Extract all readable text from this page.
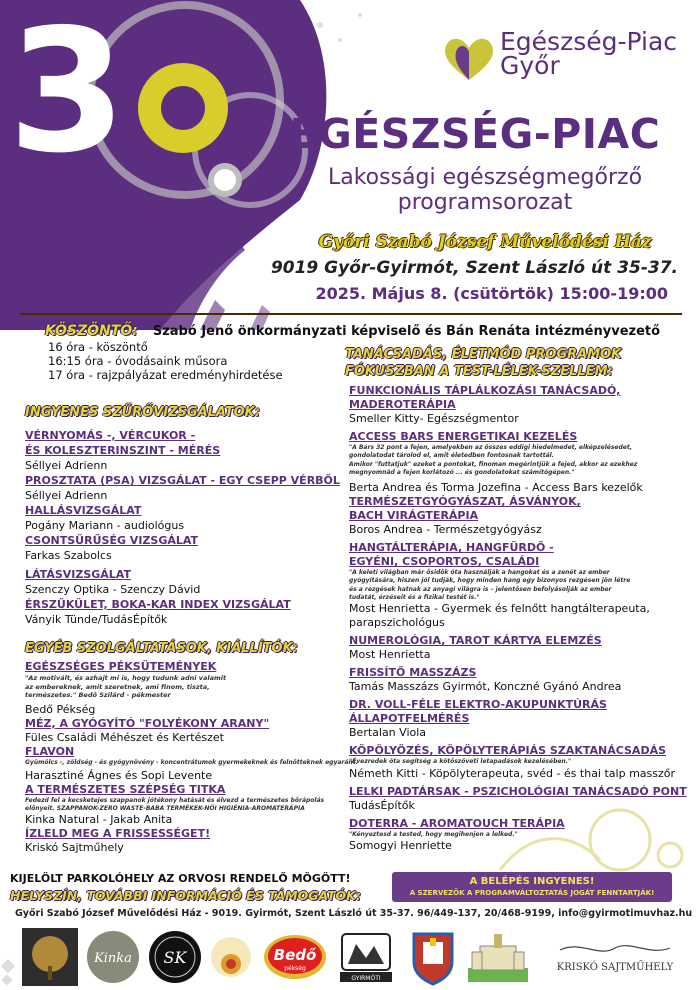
3	Egészség-Piac
Győr
EGÉSZSÉG-PIAC
Lakossági egészségmegőrző
programsorozat
Győri Szabó József Művelődési Ház
9019 Győr-Gyirmót, Szent László út 35-37.
2025. Május 8. (csütörtök) 15:00-19:00
KÖSZÖNTŐ: Szabó Jenő önkormányzati képviselő és Bán Renáta intézményvezető
16 óra - köszöntő
16:15 óra - óvodásaink műsora
17 óra - rajzpályázat eredményhirdetése
INGYENES SZŰRŐVIZSGÁLATOK:
VÉRNYOMÁS -, VÉRCUKOR -
ÉS KOLESZTERINSZINT - MÉRÉS
Séllyei Adrienn
PROSZTATA (PSA) VIZSGÁLAT - EGY CSEPP VÉRBŐL
Séllyei Adrienn
HALLÁSVIZSGÁLAT
Pogány Mariann - audiológus
CSONTSŰRŰSÉG VIZSGÁLAT
Farkas Szabolcs
LÁTÁSVIZSGÁLAT
Szenczy Optika - Szenczy Dávid
ÉRSZŰKÜLET, BOKA-KAR INDEX VIZSGÁLAT
Ványik Tünde/TudásÉpítők
EGYÉB SZOLGÁLTATÁSOK, KIÁLLÍTÓK:
EGÉSZSÉGES PÉKSÜTEMÉNYEK
"Az motivált, és azhajt mi is, hogy tudunk adni valamit
az embereknek, amit szeretnek, ami finom, tiszta,
természetes." Bedő Szilárd - pékmester
Bedő Pékség
MÉZ, A GYÓGYÍTÓ "FOLYÉKONY ARANY"
Füles Családi Méhészet és Kertészet
FLAVON
Gyümölcs -, zöldség - és gyógynövény - koncentrátumok gyermekeknek és felnőtteknek egyaránt.
Harasztiné Ágnes és Sopi Levente
A TERMÉSZETES SZÉPSÉG TITKA
Fedezd fel a kecsketejes szappanok jótékony hatását és élvezd a természetes bőrápolás
előnyeit. SZAPPANOK-ZERO WASTE-BABA TERMÉKEK-NŐI HIGIÉNIA-AROMATERÁPIA
Kinka Natural - Jakab Anita
ÍZLELD MEG A FRISSESSÉGET!
Kriskó Sajtműhely
TANÁCSADÁS, ÉLETMÓD PROGRAMOK
FÓKUSZBAN A TEST-LÉLEK-SZELLEM:
FUNKCIONÁLIS TÁPLÁLKOZÁSI TANÁCSADÓ,
MADEROTERÁPIA
Smeller Kitty- Egészségmentor
ACCESS BARS ENERGETIKAI KEZELÉS
"A Bars 32 pont a fejen, amelyekben az összes eddigi hiedelmedet, elképzelésedet,
gondolatodat tárolod el, amit életedben fontosnak tartottál.
Amikor "futtatjuk" ezeket a pontokat, finoman megérintjük a fejed, akkor az ezekhez
megnyomnád a fejen korlátozó ... és gondolatokat számítógépen."
Berta Andrea és Torma Jozefina - Access Bars kezelők
TERMÉSZETGYÓGYÁSZAT, ÁSVÁNYOK,
BACH VIRÁGTERÁPIA
Boros Andrea - Természetgyógyász
HANGTÁLTERÁPIA, HANGFÜRDŐ -
EGYÉNI, CSOPORTOS, CSALÁDI
"A keleti világban már ősidők óta használják a hangokat és a zenét az ember
gyógyítására, hiszen jól tudják, hogy minden hang egy bizonyos rezgésen jön létre
és a rezgések hatnak az anyagi világra is – jelentősen befolyásolják az ember
tudatát, érzéseit és a fizikai testét is."
Most Henrietta - Gyermek és felnőtt hangtálterapeuta,
parapszichológus
NUMEROLÓGIA, TAROT KÁRTYA ELEMZÉS
Most Henrietta
FRISSÍTŐ MASSZÁZS
Tamás Masszázs Gyirmót, Konczné Gyánó Andrea
DR. VOLL-FÉLE ELEKTRO-AKUPUNKTÚRÁS
ÁLLAPOTFELMÉRÉS
Bertalan Viola
KÖPÖLYÖZÉS, KÖPÖLYTERÁPIÁS SZAKTANÁCSADÁS
"Évezredek óta segítség a kötőszöveti letapadások kezelésében."
Németh Kitti - Köpölyterapeuta, svéd - és thai talp masszőr
LELKI PADTÁRSAK - PSZICHOLÓGIAI TANÁCSADÓ PONT
TudásÉpítők
DOTERRA - AROMATOUCH TERÁPIA
"Kényeztesd a tested, hogy megihenjen a lelked."
Somogyi Henriette
KIJELÖLT PARKOLÓHELY AZ ORVOSI RENDELŐ MÖGÖTT!
HELYSZÍN, TOVÁBBI INFORMÁCIÓ ÉS TÁMOGATÓK:
A BELÉPÉS INGYENES!
A SZERVEZŐK A PROGRAMVÁLTOZTATÁS JOGÁT FENNTARTJÁK!
Győri Szabó József Művelődési Ház - 9019. Gyirmót, Szent László út 35-37. 96/449-137, 20/468-9199, info@gyirmotimuvhaz.hu
Kinka SK	Bedő
pékség
GYIRMÓTI
KRISKÓ SAJTMŰHELY
